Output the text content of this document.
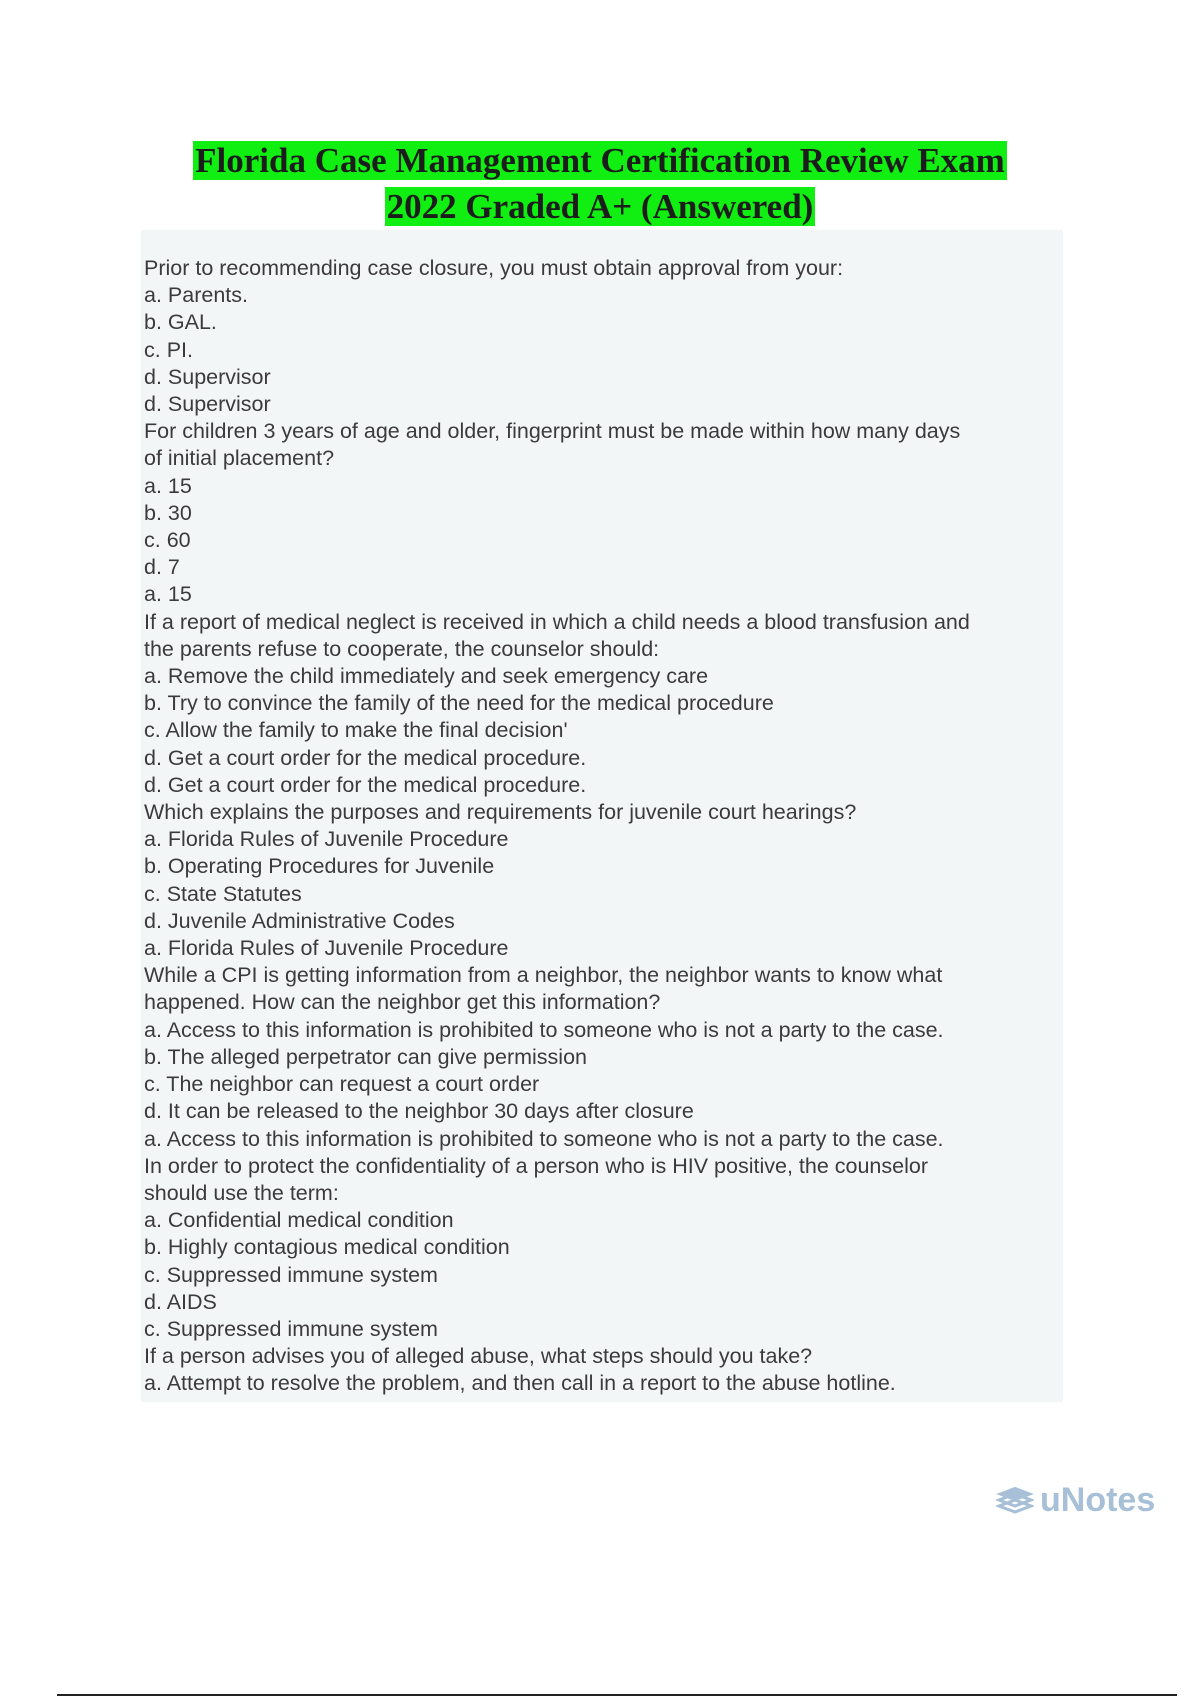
Florida Case Management Certification Review Exam
2022 Graded A+ (Answered)
Prior to recommending case closure, you must obtain approval from your:
a. Parents.
b. GAL.
c. PI.
d. Supervisor
d. Supervisor
For children 3 years of age and older, fingerprint must be made within how many days
of initial placement?
a. 15
b. 30
c. 60
d. 7
a. 15
If a report of medical neglect is received in which a child needs a blood transfusion and
the parents refuse to cooperate, the counselor should:
a. Remove the child immediately and seek emergency care
b. Try to convince the family of the need for the medical procedure
c. Allow the family to make the final decision'
d. Get a court order for the medical procedure.
d. Get a court order for the medical procedure.
Which explains the purposes and requirements for juvenile court hearings?
a. Florida Rules of Juvenile Procedure
b. Operating Procedures for Juvenile
c. State Statutes
d. Juvenile Administrative Codes
a. Florida Rules of Juvenile Procedure
While a CPI is getting information from a neighbor, the neighbor wants to know what
happened. How can the neighbor get this information?
a. Access to this information is prohibited to someone who is not a party to the case.
b. The alleged perpetrator can give permission
c. The neighbor can request a court order
d. It can be released to the neighbor 30 days after closure
a. Access to this information is prohibited to someone who is not a party to the case.
In order to protect the confidentiality of a person who is HIV positive, the counselor
should use the term:
a. Confidential medical condition
b. Highly contagious medical condition
c. Suppressed immune system
d. AIDS
c. Suppressed immune system
If a person advises you of alleged abuse, what steps should you take?
a. Attempt to resolve the problem, and then call in a report to the abuse hotline.
uNotes
